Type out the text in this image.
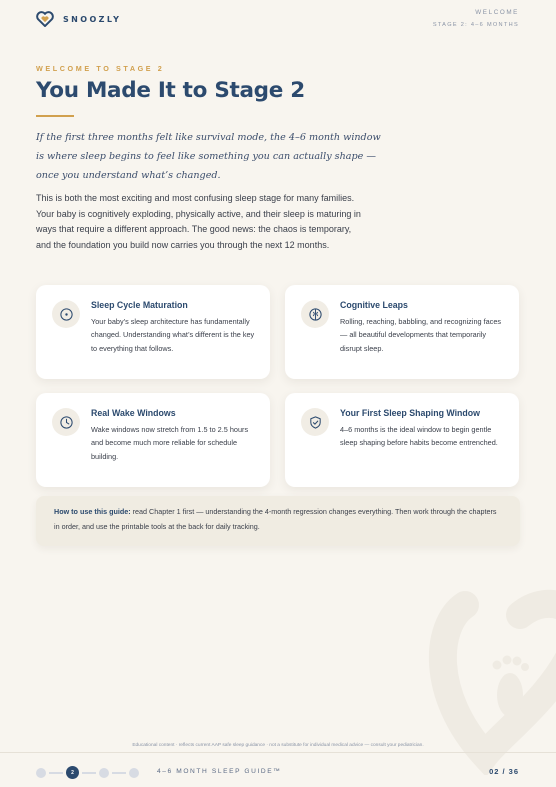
SNOOZLY
WELCOME
STAGE 2: 4–6 MONTHS
WELCOME TO STAGE 2
You Made It to Stage 2

If the first three months felt like survival mode, the 4–6 month window is where sleep begins to feel like something you can actually shape — once you understand what’s changed.

This is both the most exciting and most confusing sleep stage for many families. Your baby is cognitively exploding, physically active, and their sleep is maturing in ways that require a different approach. The good news: the chaos is temporary, and the foundation you build now carries you through the next 12 months.

Sleep Cycle Maturation
Your baby’s sleep architecture has fundamentally changed. Understanding what’s different is the key to everything that follows.
Cognitive Leaps
Rolling, reaching, babbling, and recognizing faces — all beautiful developments that temporarily disrupt sleep.
Real Wake Windows
Wake windows now stretch from 1.5 to 2.5 hours and become much more reliable for schedule building.
Your First Sleep Shaping Window
4–6 months is the ideal window to begin gentle sleep shaping before habits become entrenched.
How to use this guide: read Chapter 1 first — understanding the 4-month regression changes everything. Then work through the chapters in order, and use the printable tools at the back for daily tracking.
Educational content · reflects current AAP safe sleep guidance · not a substitute for individual medical advice — consult your pediatrician.
2	4–6 MONTH SLEEP GUIDE™	02 / 36
